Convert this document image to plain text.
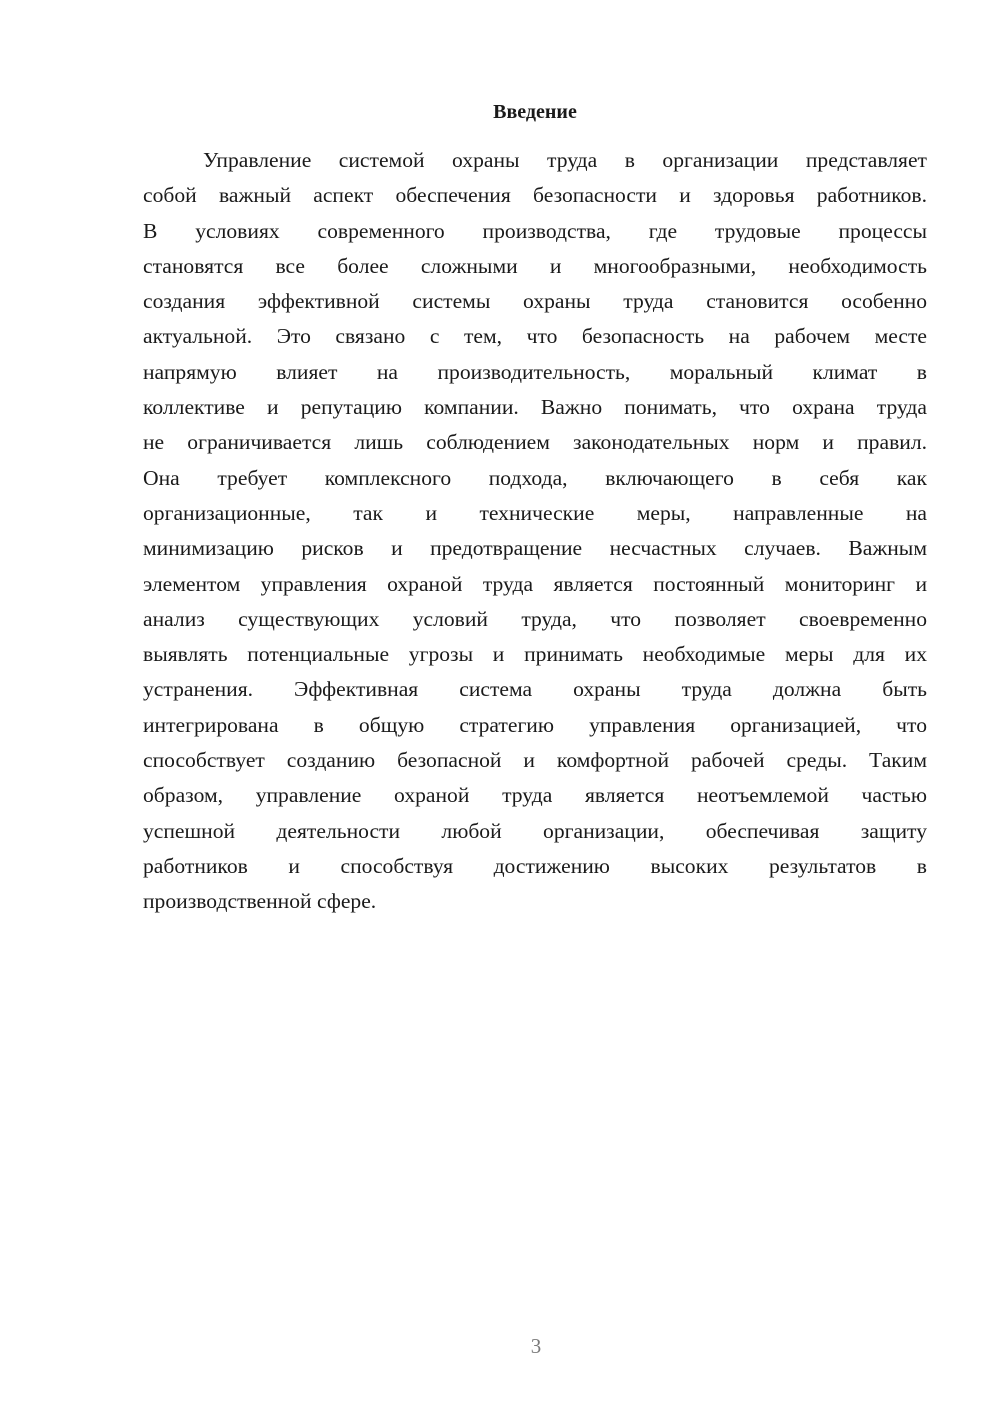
Введение
Управление системой охраны труда в организации представляет
собой важный аспект обеспечения безопасности и здоровья работников.
В условиях современного производства, где трудовые процессы
становятся все более сложными и многообразными, необходимость
создания эффективной системы охраны труда становится особенно
актуальной. Это связано с тем, что безопасность на рабочем месте
напрямую влияет на производительность, моральный климат в
коллективе и репутацию компании. Важно понимать, что охрана труда
не ограничивается лишь соблюдением законодательных норм и правил.
Она требует комплексного подхода, включающего в себя как
организационные, так и технические меры, направленные на
минимизацию рисков и предотвращение несчастных случаев. Важным
элементом управления охраной труда является постоянный мониторинг и
анализ существующих условий труда, что позволяет своевременно
выявлять потенциальные угрозы и принимать необходимые меры для их
устранения. Эффективная система охраны труда должна быть
интегрирована в общую стратегию управления организацией, что
способствует созданию безопасной и комфортной рабочей среды. Таким
образом, управление охраной труда является неотъемлемой частью
успешной деятельности любой организации, обеспечивая защиту
работников и способствуя достижению высоких результатов в
производственной сфере.

3
